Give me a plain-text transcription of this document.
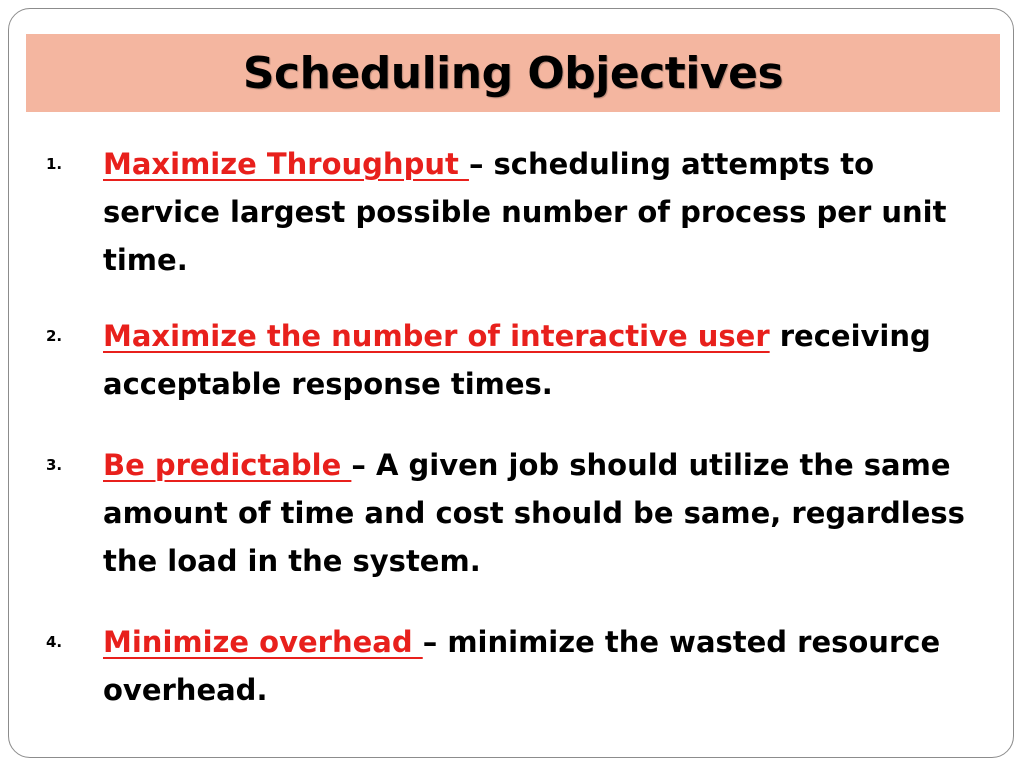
Scheduling Objectives
1. Maximize Throughput – scheduling attempts to service largest possible number of process per unit time.
2. Maximize the number of interactive user receiving acceptable response times.
3. Be predictable – A given job should utilize the same amount of time and cost should be same, regardless the load in the system.
4. Minimize overhead – minimize the wasted resource overhead.
